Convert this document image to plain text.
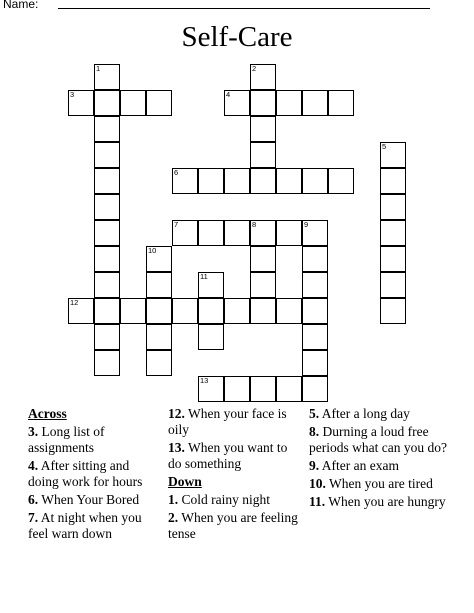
Name:
Self-Care
1	2
3	4
5
6
7	8	9
10
11
12
13
Across
3. Long list of assignments
4. After sitting and doing work for hours
6. When Your Bored
7. At night when you feel warn down
12. When your face is oily
13. When you want to do something
Down
1. Cold rainy night
2. When you are feeling tense
5. After a long day
8. Durning a loud free periods what can you do?
9. After an exam
10. When you are tired
11. When you are hungry
